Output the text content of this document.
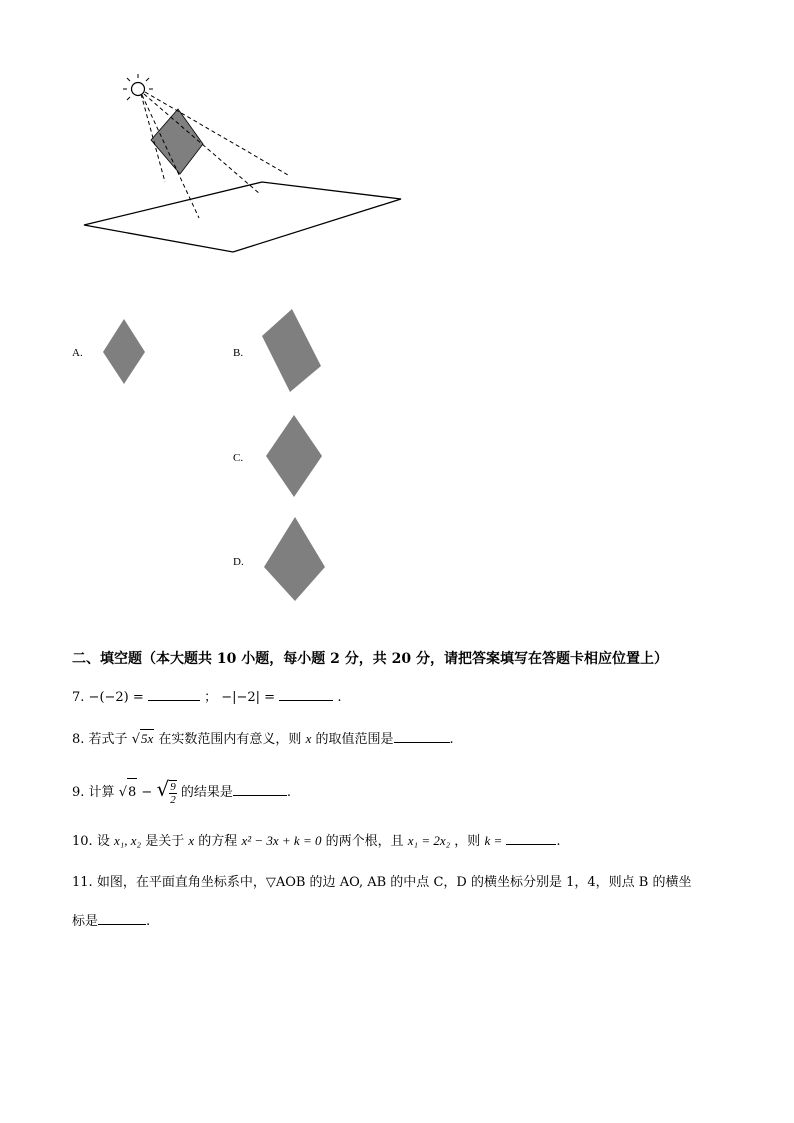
A.	B.
C.
D.
二、填空题（本大题共 10 小题，每小题 2 分，共 20 分，请把答案填写在答题卡相应位置上）
7. −(−2) =	； −|−2| =	.
8. 若式子 √5x 在实数范围内有意义，则 x 的取值范围是	.
9. 计算 √8 − √ $\frac{9}{2}$ 的结果是	.
10. 设 x₁, x₂ 是关于 x 的方程 x² − 3x + k = 0 的两个根，且 x₁ = 2x₂ ，则 k =	.
11. 如图，在平面直角坐标系中，▽AOB 的边 AO, AB 的中点 C，D 的横坐标分别是 1，4，则点 B 的横坐
标是	.
